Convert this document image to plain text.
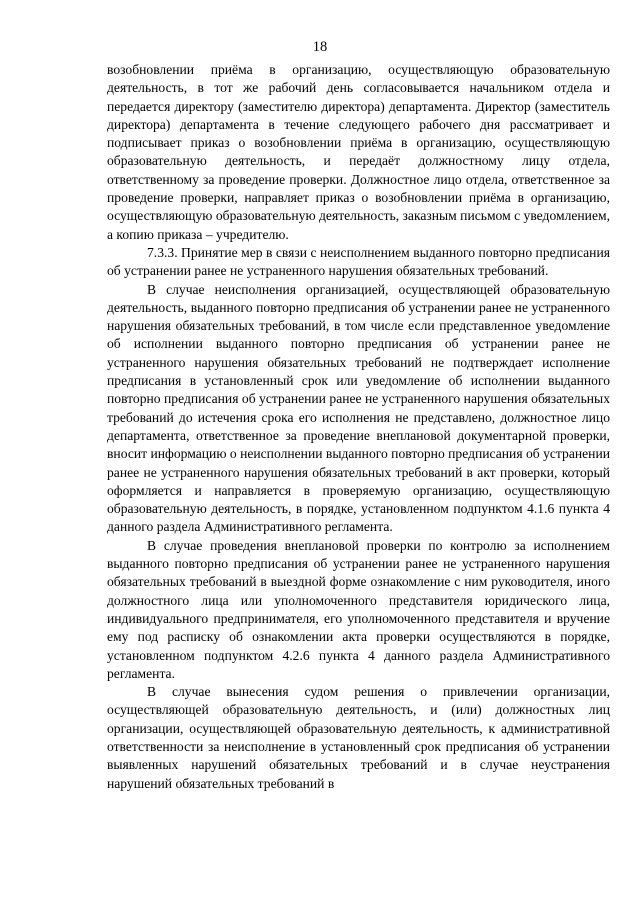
18

возобновлении приёма в организацию, осуществляющую образовательную деятельность, в тот же рабочий день согласовывается начальником отдела и передается директору (заместителю директора) департамента. Директор (заместитель директора) департамента в течение следующего рабочего дня рассматривает и подписывает приказ о возобновлении приёма в организацию, осуществляющую образовательную деятельность, и передаёт должностному лицу отдела, ответственному за проведение проверки. Должностное лицо отдела, ответственное за проведение проверки, направляет приказ о возобновлении приёма в организацию, осуществляющую образовательную деятельность, заказным письмом с уведомлением, а копию приказа – учредителю.

7.3.3. Принятие мер в связи с неисполнением выданного повторно предписания об устранении ранее не устраненного нарушения обязательных требований.

В случае неисполнения организацией, осуществляющей образовательную деятельность, выданного повторно предписания об устранении ранее не устраненного нарушения обязательных требований, в том числе если представленное уведомление об исполнении выданного повторно предписания об устранении ранее не устраненного нарушения обязательных требований не подтверждает исполнение предписания в установленный срок или уведомление об исполнении выданного повторно предписания об устранении ранее не устраненного нарушения обязательных требований до истечения срока его исполнения не представлено, должностное лицо департамента, ответственное за проведение внеплановой документарной проверки, вносит информацию о неисполнении выданного повторно предписания об устранении ранее не устраненного нарушения обязательных требований в акт проверки, который оформляется и направляется в проверяемую организацию, осуществляющую образовательную деятельность, в порядке, установленном подпунктом 4.1.6 пункта 4 данного раздела Административного регламента.

В случае проведения внеплановой проверки по контролю за исполнением выданного повторно предписания об устранении ранее не устраненного нарушения обязательных требований в выездной форме ознакомление с ним руководителя, иного должностного лица или уполномоченного представителя юридического лица, индивидуального предпринимателя, его уполномоченного представителя и вручение ему под расписку об ознакомлении акта проверки осуществляются в порядке, установленном подпунктом 4.2.6 пункта 4 данного раздела Административного регламента.

В случае вынесения судом решения о привлечении организации, осуществляющей образовательную деятельность, и (или) должностных лиц организации, осуществляющей образовательную деятельность, к административной ответственности за неисполнение в установленный срок предписания об устранении выявленных нарушений обязательных требований и в случае неустранения нарушений обязательных требований в
